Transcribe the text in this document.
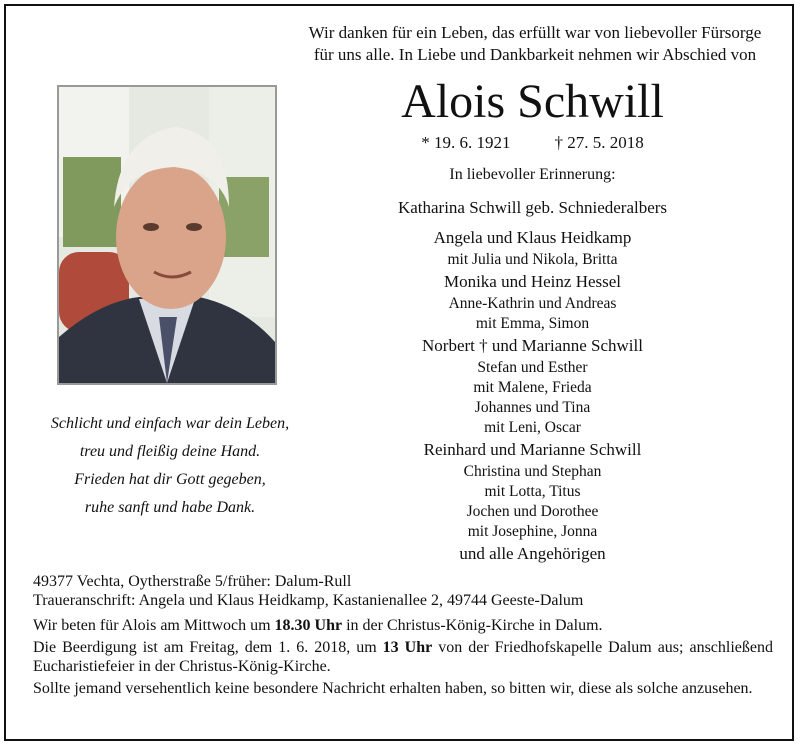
Wir danken für ein Leben, das erfüllt war von liebevoller Fürsorge
für uns alle. In Liebe und Dankbarkeit nehmen wir Abschied von
Alois Schwill
* 19. 6. 1921	† 27. 5. 2018
In liebevoller Erinnerung:
Katharina Schwill geb. Schniederalbers
Angela und Klaus Heidkamp
mit Julia und Nikola, Britta
Monika und Heinz Hessel
Anne-Kathrin und Andreas
mit Emma, Simon
Norbert † und Marianne Schwill
Stefan und Esther
mit Malene, Frieda
Johannes und Tina
mit Leni, Oscar
Reinhard und Marianne Schwill
Christina und Stephan
mit Lotta, Titus
Jochen und Dorothee
mit Josephine, Jonna
und alle Angehörigen
Schlicht und einfach war dein Leben,
treu und fleißig deine Hand.
Frieden hat dir Gott gegeben,
ruhe sanft und habe Dank.

49377 Vechta, Oytherstraße 5/früher: Dalum-Rull

Traueranschrift: Angela und Klaus Heidkamp, Kastanienallee 2, 49744 Geeste-Dalum

Wir beten für Alois am Mittwoch um 18.30 Uhr in der Christus-König-Kirche in Dalum.

Die Beerdigung ist am Freitag, dem 1. 6. 2018, um 13 Uhr von der Friedhofskapelle Dalum aus; anschließend Eucharistiefeier in der Christus-König-Kirche.

Sollte jemand versehentlich keine besondere Nachricht erhalten haben, so bitten wir, diese als solche anzusehen.
